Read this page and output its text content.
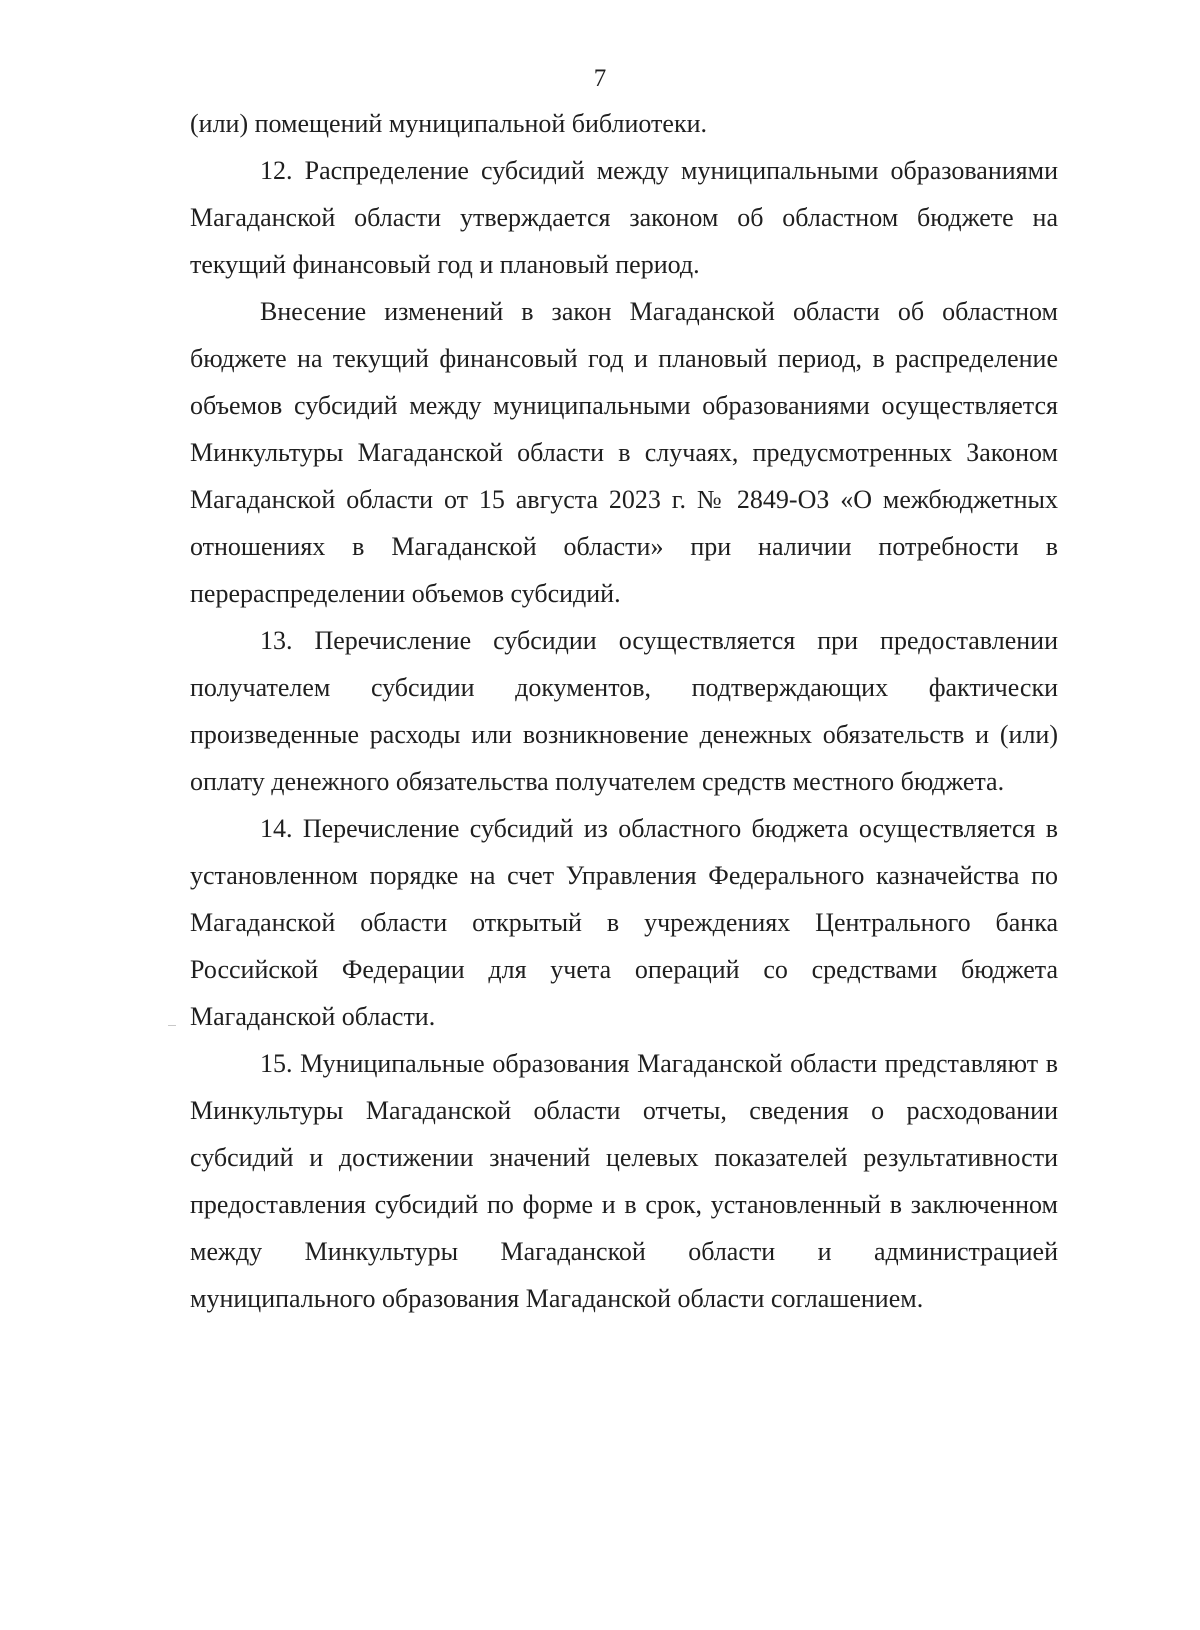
7

(или) помещений муниципальной библиотеки.

12. Распределение субсидий между муниципальными образованиями Магаданской области утверждается законом об областном бюджете на текущий финансовый год и плановый период.

Внесение изменений в закон Магаданской области об областном бюджете на текущий финансовый год и плановый период, в распределение объемов субсидий между муниципальными образованиями осуществляется Минкультуры Магаданской области в случаях, предусмотренных Законом Магаданской области от 15 августа 2023 г. № 2849-ОЗ «О межбюджетных отношениях в Магаданской области» при наличии потребности в перераспределении объемов субсидий.

13. Перечисление субсидии осуществляется при предоставлении получателем субсидии документов, подтверждающих фактически произведенные расходы или возникновение денежных обязательств и (или) оплату денежного обязательства получателем средств местного бюджета.

14. Перечисление субсидий из областного бюджета осуществляется в установленном порядке на счет Управления Федерального казначейства по Магаданской области открытый в учреждениях Центрального банка Российской Федерации для учета операций со средствами бюджета Магаданской области.

15. Муниципальные образования Магаданской области представляют в Минкультуры Магаданской области отчеты, сведения о расходовании субсидий и достижении значений целевых показателей результативности предоставления субсидий по форме и в срок, установленный в заключенном между Минкультуры Магаданской области и администрацией муниципального образования Магаданской области соглашением.
